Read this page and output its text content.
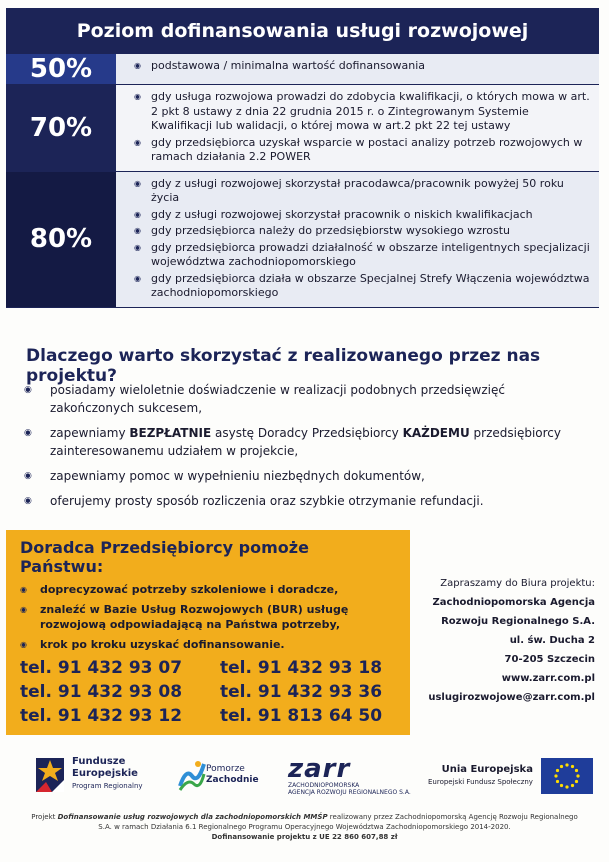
Poziom dofinansowania usługi rozwojowej
50%
◉	podstawowa / minimalna wartość dofinansowania
70%
◉
gdy usługa rozwojowa prowadzi do zdobycia kwalifikacji, o których mowa w art. 2 pkt 8 ustawy z dnia 22 grudnia 2015 r. o Zintegrowanym Systemie Kwalifikacji lub walidacji, o której mowa w art.2 pkt 22 tej ustawy
◉
gdy przedsiębiorca uzyskał wsparcie w postaci analizy potrzeb rozwojowych w ramach działania 2.2 POWER
80%
◉
gdy z usługi rozwojowej skorzystał pracodawca/pracownik powyżej 50 roku życia
◉
gdy z usługi rozwojowej skorzystał pracownik o niskich kwalifikacjach
◉
gdy przedsiębiorca należy do przedsiębiorstw wysokiego wzrostu
◉
gdy przedsiębiorca prowadzi działalność w obszarze inteligentnych specjalizacji województwa zachodniopomorskiego
◉
gdy przedsiębiorca działa w obszarze Specjalnej Strefy Włączenia województwa zachodniopomorskiego
Dlaczego warto skorzystać z realizowanego przez nas projektu?
◉
posiadamy wieloletnie doświadczenie w realizacji podobnych przedsięwzięć zakończonych sukcesem,
◉
zapewniamy BEZPŁATNIE asystę Doradcy Przedsiębiorcy KAŻDEMU przedsiębiorcy zainteresowanemu udziałem w projekcie,
◉
zapewniamy pomoc w wypełnieniu niezbędnych dokumentów,
◉
oferujemy prosty sposób rozliczenia oraz szybkie otrzymanie refundacji.
Doradca Przedsiębiorcy pomoże Państwu:
◉
doprecyzować potrzeby szkoleniowe i doradcze,
◉
znaleźć w Bazie Usług Rozwojowych (BUR) usługę rozwojową odpowiadającą na Państwa potrzeby,
◉
krok po kroku uzyskać dofinansowanie.
tel. 91 432 93 07	tel. 91 432 93 18
tel. 91 432 93 08	tel. 91 432 93 36
tel. 91 432 93 12	tel. 91 813 64 50
Zapraszamy do Biura projektu:
Zachodniopomorska Agencja
Rozwoju Regionalnego S.A.
ul. św. Ducha 2
70-205 Szczecin
www.zarr.com.pl
uslugirozwojowe@zarr.com.pl
Fundusze
Europejskie
Program Regionalny
Pomorze
Zachodnie zarr
ZACHODNIOPOMORSKA
AGENCJA ROZWOJU REGIONALNEGO S.A.
Unia Europejska
Europejski Fundusz Społeczny
Projekt Dofinansowanie usług rozwojowych dla zachodniopomorskich MMŚP realizowany przez Zachodniopomorską Agencję Rozwoju Regionalnego
S.A. w ramach Działania 6.1 Regionalnego Programu Operacyjnego Województwa Zachodniopomorskiego 2014-2020.
Dofinansowanie projektu z UE 22 860 607,88 zł
